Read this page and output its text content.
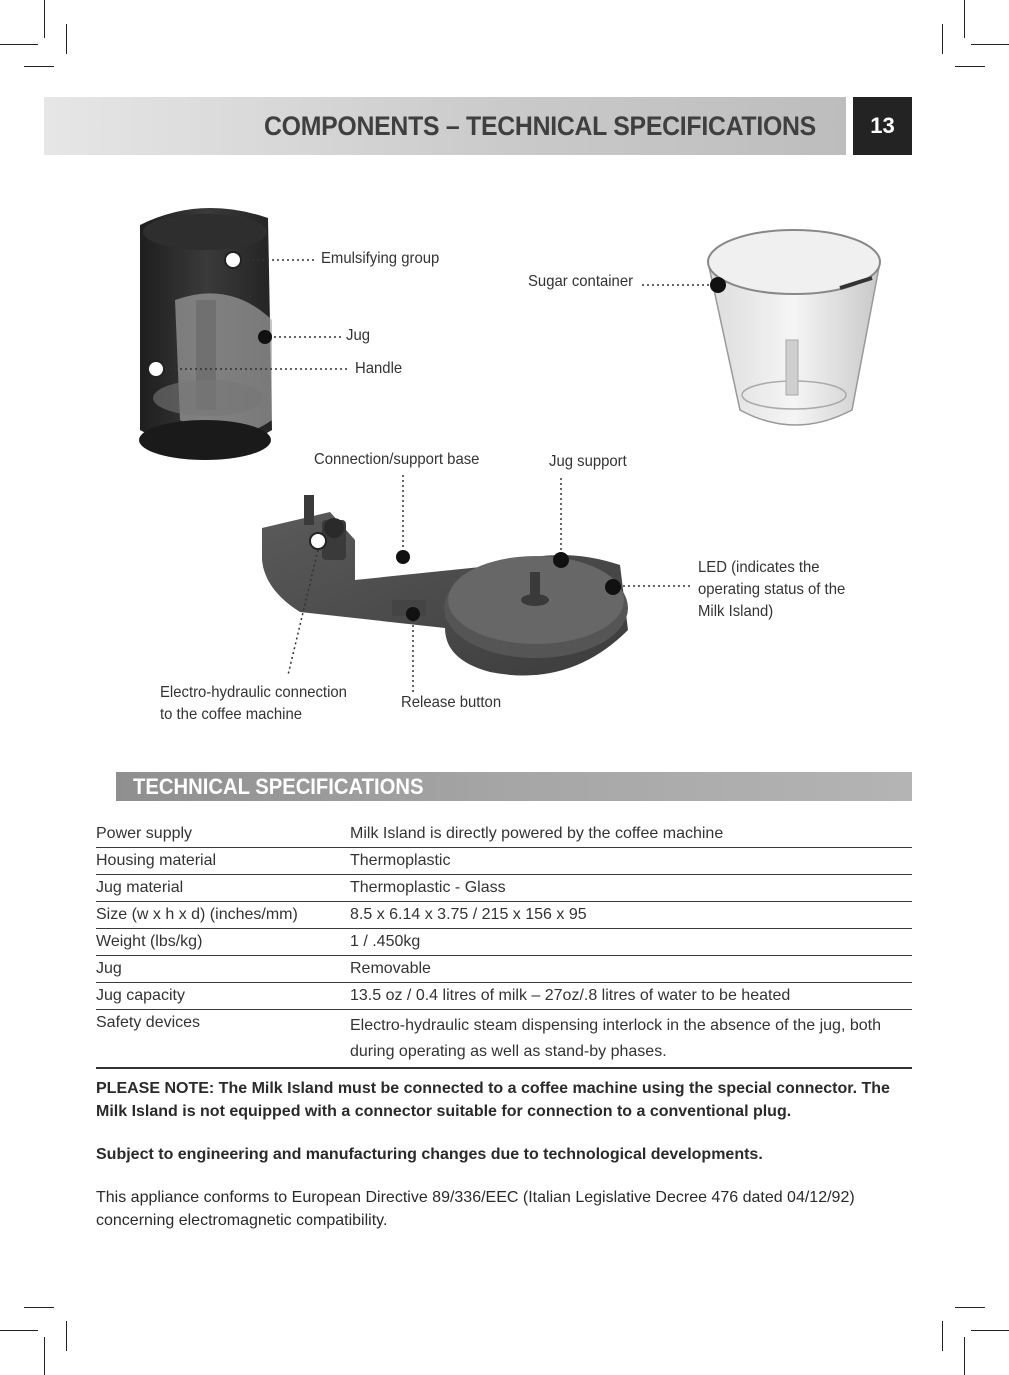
COMPONENTS – TECHNICAL SPECIFICATIONS	13
Emulsifying group
Jug
Handle
Sugar container
Connection/support base	Jug support
LED (indicates the
operating status of the
Milk Island)
Electro-hydraulic connection
to the coffee machine
Release button
TECHNICAL SPECIFICATIONS
Power supply	Milk Island is directly powered by the coffee machine
Housing material	Thermoplastic
Jug material	Thermoplastic - Glass
Size (w x h x d) (inches/mm)	8.5 x 6.14 x 3.75 / 215 x 156 x 95
Weight (lbs/kg)	1 / .450kg
Jug	Removable
Jug capacity	13.5 oz / 0.4 litres of milk – 27oz/.8 litres of water to be heated
Safety devices	Electro-hydraulic steam dispensing interlock in the absence of the jug, both during operating as well as stand-by phases.
PLEASE NOTE: The Milk Island must be connected to a coffee machine using the special connector. The Milk Island is not equipped with a connector suitable for connection to a conventional plug.
Subject to engineering and manufacturing changes due to technological developments.
This appliance conforms to European Directive 89/336/EEC (Italian Legislative Decree 476 dated 04/12/92) concerning electromagnetic compatibility.
